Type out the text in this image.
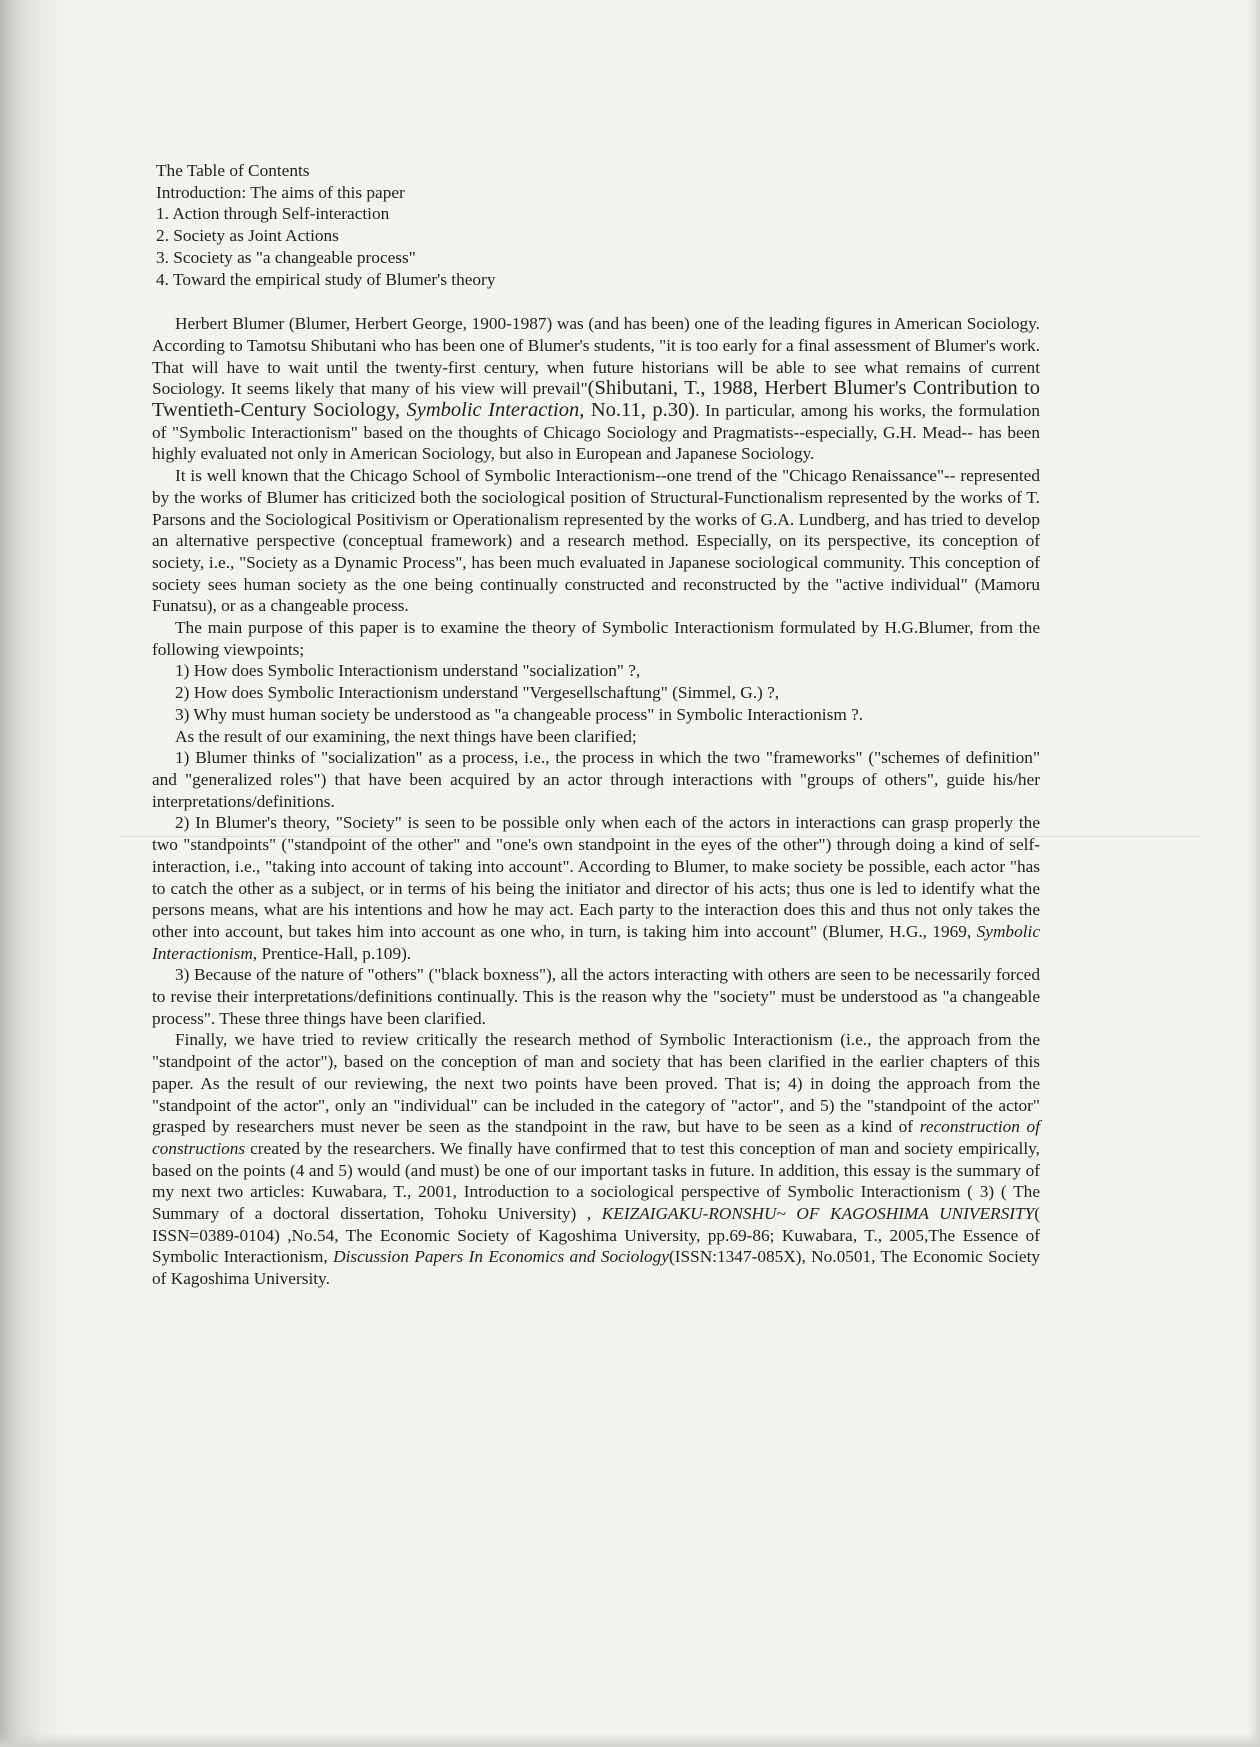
The Table of Contents
Introduction: The aims of this paper
1. Action through Self-interaction
2. Society as Joint Actions
3. Scociety as "a changeable process"
4. Toward the empirical study of Blumer's theory

Herbert Blumer (Blumer, Herbert George, 1900-1987) was (and has been) one of the leading figures in American Sociology. According to Tamotsu Shibutani who has been one of Blumer's students, "it is too early for a final assessment of Blumer's work. That will have to wait until the twenty-first century, when future historians will be able to see what remains of current Sociology. It seems likely that many of his view will prevail"(Shibutani, T., 1988, Herbert Blumer's Contribution to Twentieth-Century Sociology, Symbolic Interaction, No.11, p.30). In particular, among his works, the formulation of "Symbolic Interactionism" based on the thoughts of Chicago Sociology and Pragmatists--especially, G.H. Mead-- has been highly evaluated not only in American Sociology, but also in European and Japanese Sociology.

It is well known that the Chicago School of Symbolic Interactionism--one trend of the "Chicago Renaissance"-- represented by the works of Blumer has criticized both the sociological position of Structural-Functionalism represented by the works of T. Parsons and the Sociological Positivism or Operationalism represented by the works of G.A. Lundberg, and has tried to develop an alternative perspective (conceptual framework) and a research method. Especially, on its perspective, its conception of society, i.e., "Society as a Dynamic Process", has been much evaluated in Japanese sociological community. This conception of society sees human society as the one being continually constructed and reconstructed by the "active individual" (Mamoru Funatsu), or as a changeable process.

The main purpose of this paper is to examine the theory of Symbolic Interactionism formulated by H.G.Blumer, from the following viewpoints;

1) How does Symbolic Interactionism understand "socialization" ?,

2) How does Symbolic Interactionism understand "Vergesellschaftung" (Simmel, G.) ?,

3) Why must human society be understood as "a changeable process" in Symbolic Interactionism ?.

As the result of our examining, the next things have been clarified;

1) Blumer thinks of "socialization" as a process, i.e., the process in which the two "frameworks" ("schemes of definition" and "generalized roles") that have been acquired by an actor through interactions with "groups of others", guide his/her interpretations/definitions.

2) In Blumer's theory, "Society" is seen to be possible only when each of the actors in interactions can grasp properly the two "standpoints" ("standpoint of the other" and "one's own standpoint in the eyes of the other") through doing a kind of self-interaction, i.e., "taking into account of taking into account". According to Blumer, to make society be possible, each actor "has to catch the other as a subject, or in terms of his being the initiator and director of his acts; thus one is led to identify what the persons means, what are his intentions and how he may act. Each party to the interaction does this and thus not only takes the other into account, but takes him into account as one who, in turn, is taking him into account" (Blumer, H.G., 1969, Symbolic Interactionism, Prentice-Hall, p.109).

3) Because of the nature of "others" ("black boxness"), all the actors interacting with others are seen to be necessarily forced to revise their interpretations/definitions continually. This is the reason why the "society" must be understood as "a changeable process". These three things have been clarified.

Finally, we have tried to review critically the research method of Symbolic Interactionism (i.e., the approach from the "standpoint of the actor"), based on the conception of man and society that has been clarified in the earlier chapters of this paper. As the result of our reviewing, the next two points have been proved. That is; 4) in doing the approach from the "standpoint of the actor", only an "individual" can be included in the category of "actor", and 5) the "standpoint of the actor" grasped by researchers must never be seen as the standpoint in the raw, but have to be seen as a kind of reconstruction of constructions created by the researchers. We finally have confirmed that to test this conception of man and society empirically, based on the points (4 and 5) would (and must) be one of our important tasks in future. In addition, this essay is the summary of my next two articles: Kuwabara, T., 2001, Introduction to a sociological perspective of Symbolic Interactionism ( 3) ( The Summary of a doctoral dissertation, Tohoku University) , KEIZAIGAKU-RONSHU~ OF KAGOSHIMA UNIVERSITY( ISSN=0389-0104) ,No.54, The Economic Society of Kagoshima University, pp.69-86; Kuwabara, T., 2005,The Essence of Symbolic Interactionism, Discussion Papers In Economics and Sociology(ISSN:1347-085X), No.0501, The Economic Society of Kagoshima University.
